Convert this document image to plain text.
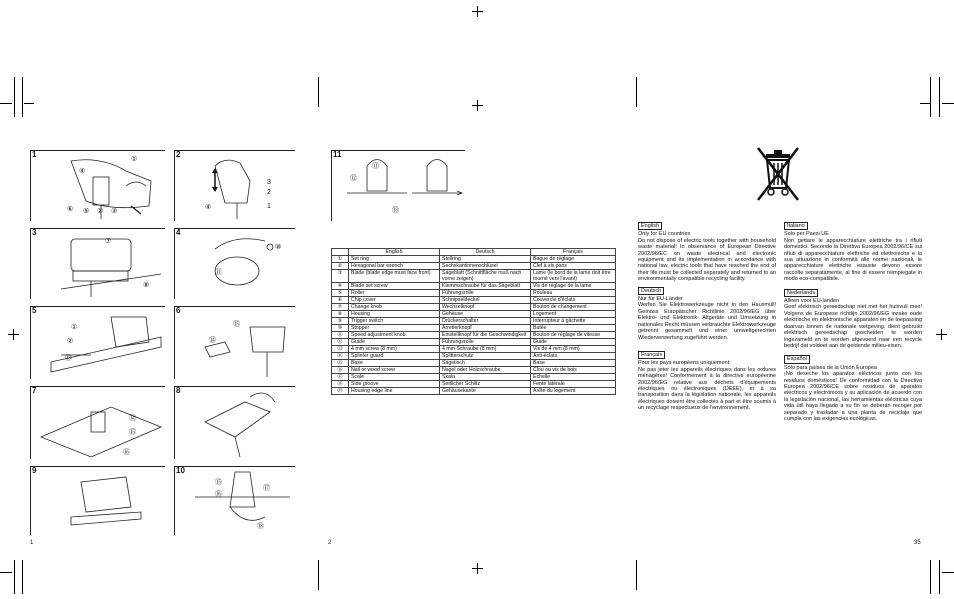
1
①
④
⑥ ⑤ ② ③
2
3
2
④	1
3
⑦
⑧
4
⑩
⑪
5
①
②
⑬
6
⑭
⑮
7
⑭
⑮
⑯
8
9	10
⑮
⑯
⑰
⑱
11
⑪
⑫
⑬
	English	Deutsch	Français
①	Set ring	Stellring	Bague de réglage
②	Hexagonal bar wrench	Sechskantinnenschlüsel	Clef à six pans
③	Blade (blade edge must face front)	Sägeblatt (Schnittfläche muß nach vorne zeigen)	Lame (le bord de la lame doit être tourné vers l'avant)
④	Blade set screw	Klemmschraube für das Sägeblatt	Vis de réglage de la lame
⑤	Roller	Führungsrolle	Rouleau
⑥	Chip cover	Schnipseldeckel	Couvercle d'éclats
⑦	Change knob	Wechselknopf	Bouton de changement
⑧	Housing	Gehäuse	Logement
⑨	Trigger switch	Drückerschalter	Interrupteur à gâchette
⑩	Stopper	Arretierknopf	Butée
⑪	Speed adjustment knob	Einstellknopf für die Geschwindigkeit	Bouton de réglage de vitesse
⑫	Guide	Führungsrolle	Guide
⑬	4 mm screw (8 mm)	4 mm Schraube (8 mm)	Vis de 4 mm (8 mm)
⑭	Splinter guard	Splitterschutz	Anti-éclats
⑮	Base	Sägetisch	Base
⑯	Nail or wood screw	Nagel oder Holzschraube	Clou ou vis de bois
⑰	Scale	Skala	Echelle
⑱	Side groove	Seitlicher Schlitz	Fente latérale
⑲	Housing edge line	Gehäusekante	Arête du logement
English
Only for EU countries

Do not dispose of electric tools together with household waste material! In observance of European Directive 2002/96/EC on waste electrical and electronic equipment and its implementation in accordance with national law, electric tools that have reached the end of their life must be collected separately and returned to an environmentally compatible recycling facility.

Deutsch
Nur für EU-Länder

Werfen Sie Elektrowerkzeuge nicht in den Hausmüll! Gemäss Europäischer Richtlinie 2002/96/EG über Elektro- und Elektronik- Altgeräte und Umsetzung in nationales Recht müssen verbrauchte Elektrowerkzeuge getrennt gesammelt und einer umweltgerechten Wiederverwertung zugeführt werden.

Français
Pour les pays européens uniquement

Ne pas jeter les appareils électriques dans les ordures ménagères! Conformément à la directive européenne 2002/96/EG relative aux déchets d'équipements électriques ou électroniques (DEEE), et à sa transposition dans la législation nationale, les appareils électriques doivent être collectés à part et être soumis à un recyclage respectueux de l'environnement.

Italiano
Solo per Paesi UE

Non gettare le apparecchiature elettriche tra i rifiuti domestici. Secondo la Direttiva Europea 2002/96/CE sui rifiuti di apparecchiature elettriche ed elettroniche e la sua attuazione in conformità alle norme nazionali, le apparecchiature elettriche esauste devono essere raccolte separatamente, al fine di essere reimpiegate in modo eco-compatibile.

Nederlands
Alleen voor EU-landen

Geef elektrisch gereedschap niet met het huisvuil mee! Volgens de Europese richtlijn 2002/96/EG inzake oude elektrische en elektronische apparaten en de toepassing daarvan binnen de nationale wetgeving, dient gebruikt elektrisch gereedschap gescheiden te worden ingezameld en te worden afgevoerd naar een recycle bedrijf dat voldoet aan de geldende milieu-eisen.

Español
Sólo para países de la Unión Europea

¡No deseche los aparatos eléctricos junto con los residuos domésticos! De conformidad con la Directiva Europea 2002/96/CE sobre residuos de aparatos eléctricos y electrónicos y su aplicación de acuerdo con la legislación nacional, las herramientas eléctricas cuya vida útil haya llegado a su fin se deberán recoger por separado y trasladar a una planta de reciclaje que cumpla con las exigencias ecológicas.

1	2	35
